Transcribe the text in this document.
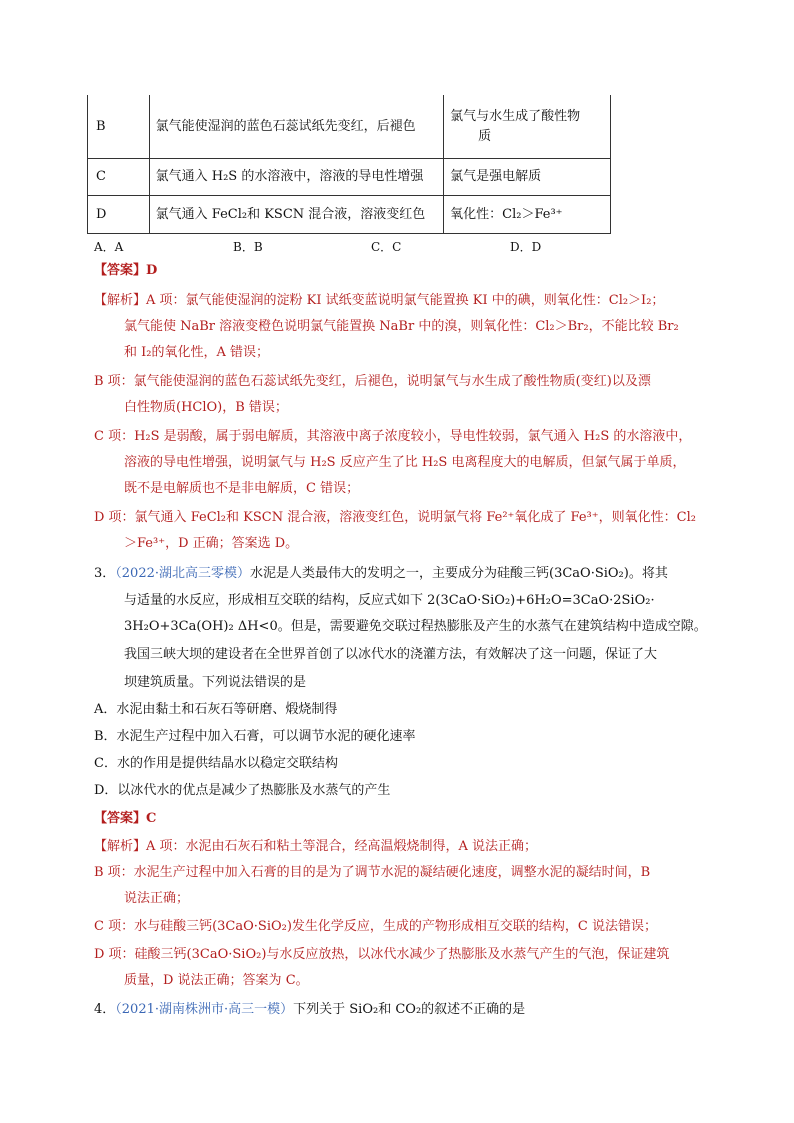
B	氯气能使湿润的蓝色石蕊试纸先变红，后褪色	氯气与水生成了酸性物
质

C	氯气通入 H₂S 的水溶液中，溶液的导电性增强	氯气是强电解质
D	氯气通入 FeCl₂和 KSCN 混合液，溶液变红色	氧化性：Cl₂＞Fe³⁺
A．A	B．B	C．C	D．D
【答案】D
【解析】A 项：氯气能使湿润的淀粉 KI 试纸变蓝说明氯气能置换 KI 中的碘，则氧化性：Cl₂＞I₂；
氯气能使 NaBr 溶液变橙色说明氯气能置换 NaBr 中的溴，则氧化性：Cl₂＞Br₂，不能比较 Br₂
和 I₂的氧化性，A 错误；
B 项：氯气能使湿润的蓝色石蕊试纸先变红，后褪色，说明氯气与水生成了酸性物质(变红)以及漂
白性物质(HClO)，B 错误；
C 项：H₂S 是弱酸，属于弱电解质，其溶液中离子浓度较小，导电性较弱，氯气通入 H₂S 的水溶液中，
溶液的导电性增强，说明氯气与 H₂S 反应产生了比 H₂S 电离程度大的电解质，但氯气属于单质，
既不是电解质也不是非电解质，C 错误；
D 项：氯气通入 FeCl₂和 KSCN 混合液，溶液变红色，说明氯气将 Fe²⁺氧化成了 Fe³⁺，则氧化性：Cl₂
＞Fe³⁺，D 正确；答案选 D。
3．（2022·湖北高三零模）水泥是人类最伟大的发明之一，主要成分为硅酸三钙(3CaO·SiO₂)。将其
与适量的水反应，形成相互交联的结构，反应式如下 2(3CaO·SiO₂)+6H₂O=3CaO·2SiO₂·
3H₂O+3Ca(OH)₂ ΔH<0。但是，需要避免交联过程热膨胀及产生的水蒸气在建筑结构中造成空隙。
我国三峡大坝的建设者在全世界首创了以冰代水的浇灌方法，有效解决了这一问题，保证了大
坝建筑质量。下列说法错误的是
A．水泥由黏土和石灰石等研磨、煅烧制得
B．水泥生产过程中加入石膏，可以调节水泥的硬化速率
C．水的作用是提供结晶水以稳定交联结构
D．以冰代水的优点是减少了热膨胀及水蒸气的产生
【答案】C
【解析】A 项：水泥由石灰石和粘土等混合，经高温煅烧制得，A 说法正确；
B 项：水泥生产过程中加入石膏的目的是为了调节水泥的凝结硬化速度，调整水泥的凝结时间，B
说法正确；
C 项：水与硅酸三钙(3CaO·SiO₂)发生化学反应，生成的产物形成相互交联的结构，C 说法错误；
D 项：硅酸三钙(3CaO·SiO₂)与水反应放热，以冰代水减少了热膨胀及水蒸气产生的气泡，保证建筑
质量，D 说法正确；答案为 C。
4．（2021·湖南株洲市·高三一模）下列关于 SiO₂和 CO₂的叙述不正确的是
